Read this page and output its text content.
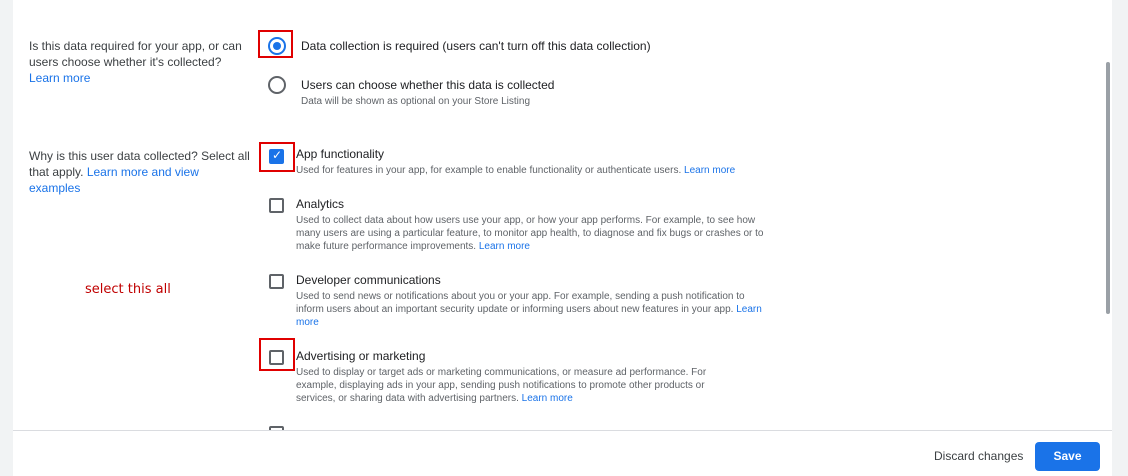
Is this data required for your app, or can users choose whether it's collected?
Learn more
Data collection is required (users can't turn off this data collection)
Users can choose whether this data is collected
Data will be shown as optional on your Store Listing
Why is this user data collected? Select all that apply. Learn more and view examples
✓ App functionality
Used for features in your app, for example to enable functionality or authenticate users. Learn more
Analytics
Used to collect data about how users use your app, or how your app performs. For example, to see how many users are using a particular feature, to monitor app health, to diagnose and fix bugs or crashes or to make future performance improvements. Learn more
select this all
Developer communications
Used to send news or notifications about you or your app. For example, sending a push notification to inform users about an important security update or informing users about new features in your app. Learn more
Advertising or marketing
Used to display or target ads or marketing communications, or measure ad performance. For example, displaying ads in your app, sending push notifications to promote other products or services, or sharing data with advertising partners. Learn more
Discard changes	Save
